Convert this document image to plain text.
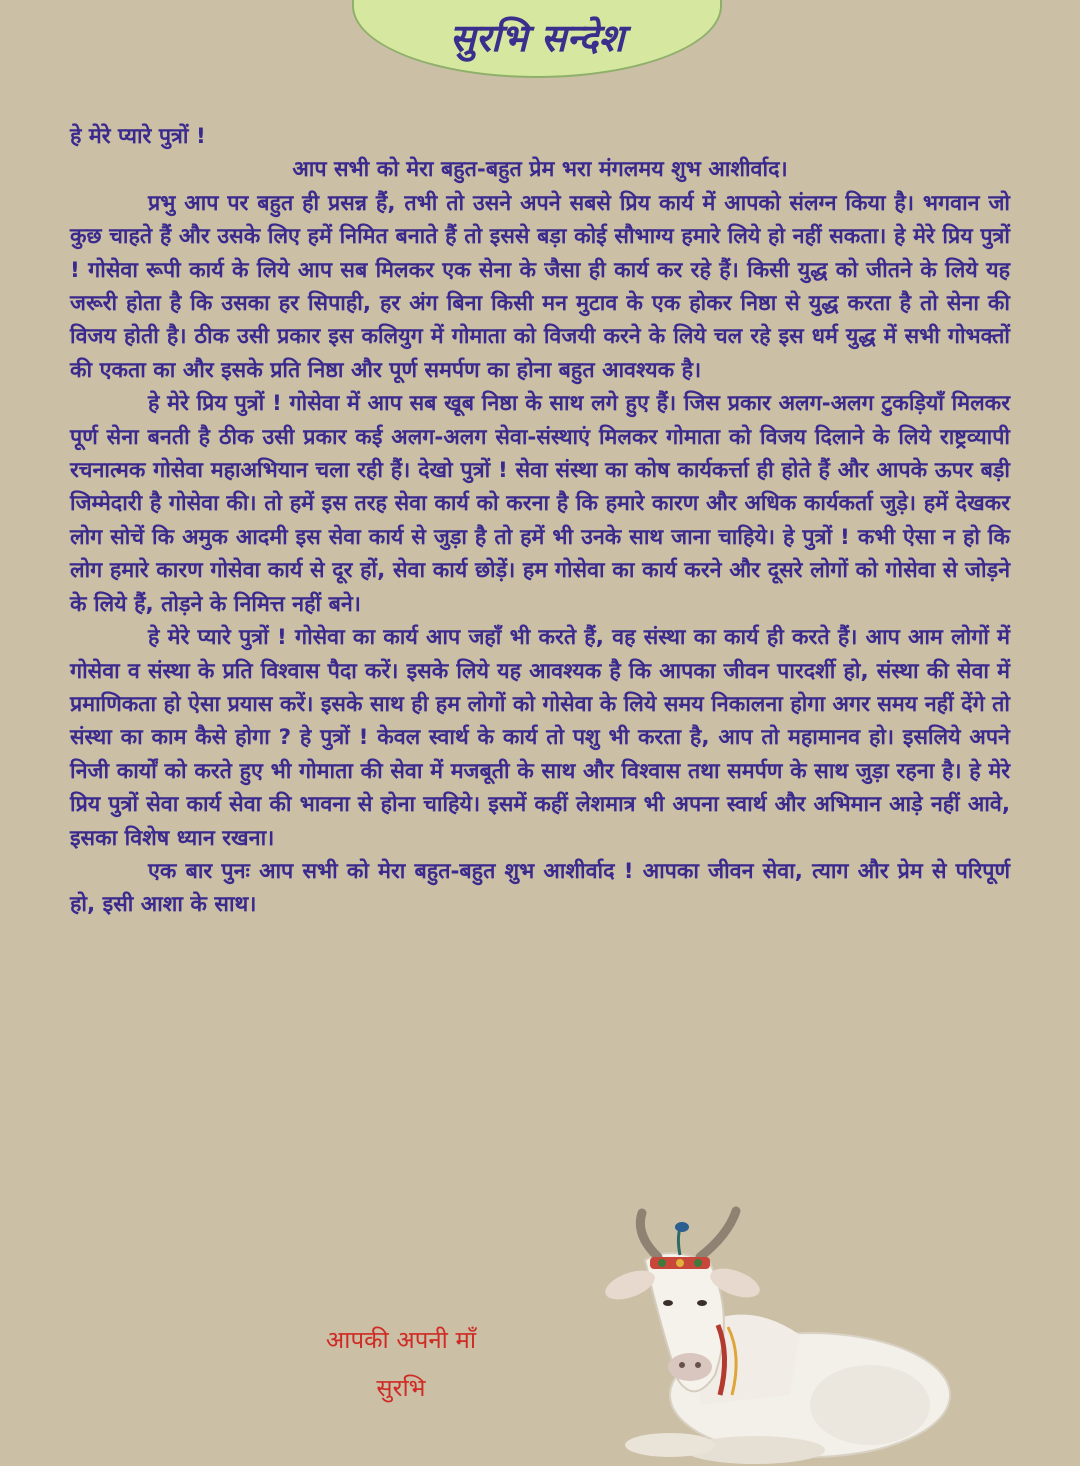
सुरभि सन्देश

हे मेरे प्यारे पुत्रों !

आप सभी को मेरा बहुत-बहुत प्रेम भरा मंगलमय शुभ आशीर्वाद।

प्रभु आप पर बहुत ही प्रसन्न हैं, तभी तो उसने अपने सबसे प्रिय कार्य में आपको संलग्न किया है। भगवान जो कुछ चाहते हैं और उसके लिए हमें निमित बनाते हैं तो इससे बड़ा कोई सौभाग्य हमारे लिये हो नहीं सकता। हे मेरे प्रिय पुत्रों ! गोसेवा रूपी कार्य के लिये आप सब मिलकर एक सेना के जैसा ही कार्य कर रहे हैं। किसी युद्ध को जीतने के लिये यह जरूरी होता है कि उसका हर सिपाही, हर अंग बिना किसी मन मुटाव के एक होकर निष्ठा से युद्ध करता है तो सेना की विजय होती है। ठीक उसी प्रकार इस कलियुग में गोमाता को विजयी करने के लिये चल रहे इस धर्म युद्ध में सभी गोभक्तों की एकता का और इसके प्रति निष्ठा और पूर्ण समर्पण का होना बहुत आवश्यक है।

हे मेरे प्रिय पुत्रों ! गोसेवा में आप सब खूब निष्ठा के साथ लगे हुए हैं। जिस प्रकार अलग-अलग टुकड़ियाँ मिलकर पूर्ण सेना बनती है ठीक उसी प्रकार कई अलग-अलग सेवा-संस्थाएं मिलकर गोमाता को विजय दिलाने के लिये राष्ट्रव्यापी रचनात्मक गोसेवा महाअभियान चला रही हैं। देखो पुत्रों ! सेवा संस्था का कोष कार्यकर्त्ता ही होते हैं और आपके ऊपर बड़ी जिम्मेदारी है गोसेवा की। तो हमें इस तरह सेवा कार्य को करना है कि हमारे कारण और अधिक कार्यकर्ता जुड़े। हमें देखकर लोग सोचें कि अमुक आदमी इस सेवा कार्य से जुड़ा है तो हमें भी उनके साथ जाना चाहिये। हे पुत्रों ! कभी ऐसा न हो कि लोग हमारे कारण गोसेवा कार्य से दूर हों, सेवा कार्य छोड़ें। हम गोसेवा का कार्य करने और दूसरे लोगों को गोसेवा से जोड़ने के लिये हैं, तोड़ने के निमित्त नहीं बने।

हे मेरे प्यारे पुत्रों ! गोसेवा का कार्य आप जहाँ भी करते हैं, वह संस्था का कार्य ही करते हैं। आप आम लोगों में गोसेवा व संस्था के प्रति विश्वास पैदा करें। इसके लिये यह आवश्यक है कि आपका जीवन पारदर्शी हो, संस्था की सेवा में प्रमाणिकता हो ऐसा प्रयास करें। इसके साथ ही हम लोगों को गोसेवा के लिये समय निकालना होगा अगर समय नहीं देंगे तो संस्था का काम कैसे होगा ? हे पुत्रों ! केवल स्वार्थ के कार्य तो पशु भी करता है, आप तो महामानव हो। इसलिये अपने निजी कार्यों को करते हुए भी गोमाता की सेवा में मजबूती के साथ और विश्वास तथा समर्पण के साथ जुड़ा रहना है। हे मेरे प्रिय पुत्रों सेवा कार्य सेवा की भावना से होना चाहिये। इसमें कहीं लेशमात्र भी अपना स्वार्थ और अभिमान आड़े नहीं आवे, इसका विशेष ध्यान रखना।

एक बार पुनः आप सभी को मेरा बहुत-बहुत शुभ आशीर्वाद ! आपका जीवन सेवा, त्याग और प्रेम से परिपूर्ण हो, इसी आशा के साथ।

आपकी अपनी माँ
सुरभि
